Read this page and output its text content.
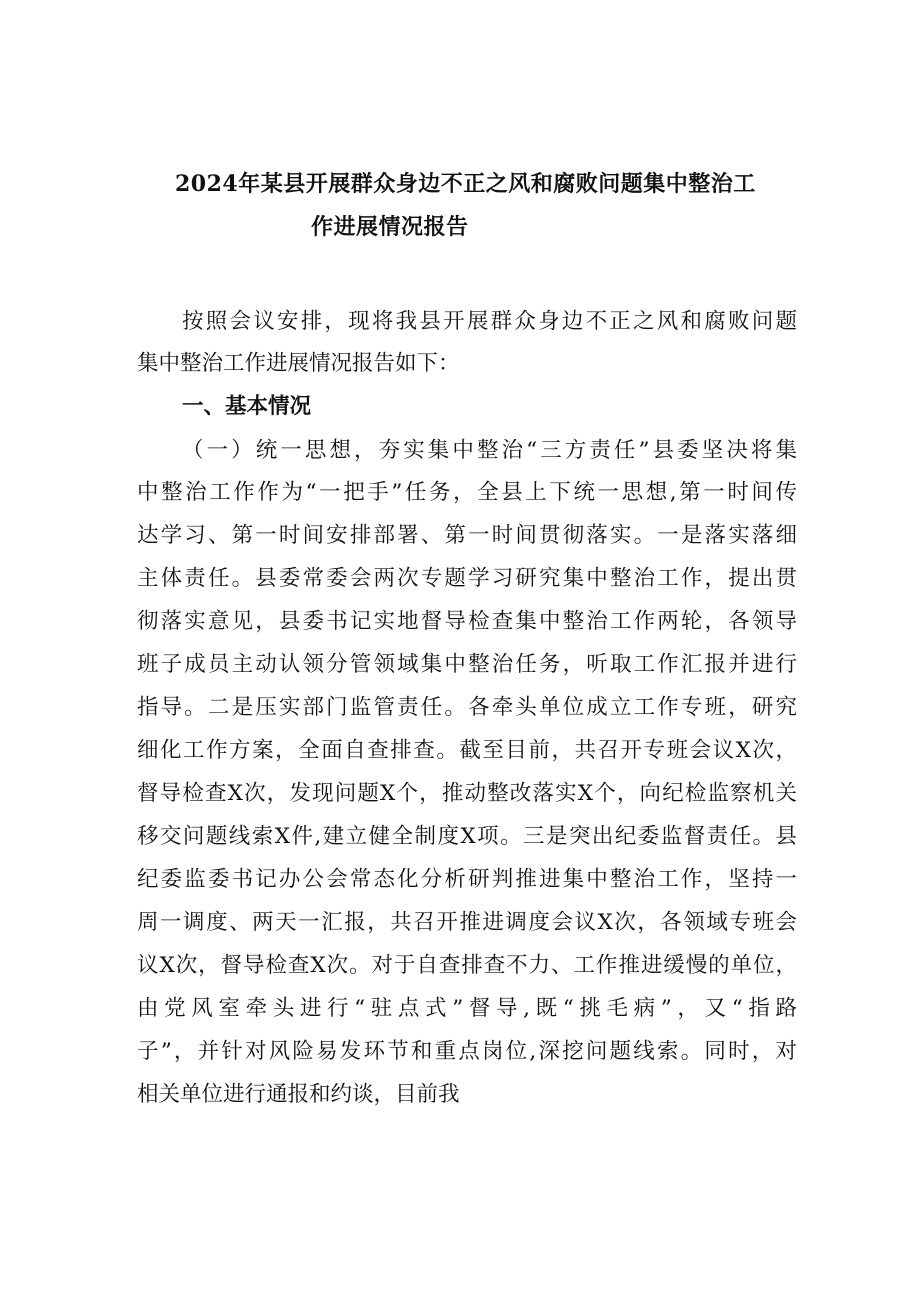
2024年某县开展群众身边不正之风和腐败问题集中整治工
作进展情况报告
按照会议安排，现将我县开展群众身边不正之风和腐败问题
集中整治工作进展情况报告如下：
一、基本情况
（一）统一思想，夯实集中整治“三方责任”县委坚决将集
中整治工作作为“一把手”任务，全县上下统一思想,第一时间传
达学习、第一时间安排部署、第一时间贯彻落实。一是落实落细
主体责任。县委常委会两次专题学习研究集中整治工作，提出贯
彻落实意见，县委书记实地督导检查集中整治工作两轮，各领导
班子成员主动认领分管领域集中整治任务，听取工作汇报并进行
指导。二是压实部门监管责任。各牵头单位成立工作专班，研究
细化工作方案，全面自查排查。截至目前，共召开专班会议X次，
督导检查X次，发现问题X个，推动整改落实X个，向纪检监察机关
移交问题线索X件,建立健全制度X项。三是突出纪委监督责任。县
纪委监委书记办公会常态化分析研判推进集中整治工作，坚持一
周一调度、两天一汇报，共召开推进调度会议X次，各领域专班会
议X次，督导检查X次。对于自查排查不力、工作推进缓慢的单位，
由党风室牵头进行“驻点式”督导,既“挑毛病”，又“指路
子”，并针对风险易发环节和重点岗位,深挖问题线索。同时，对
相关单位进行通报和约谈，目前我
